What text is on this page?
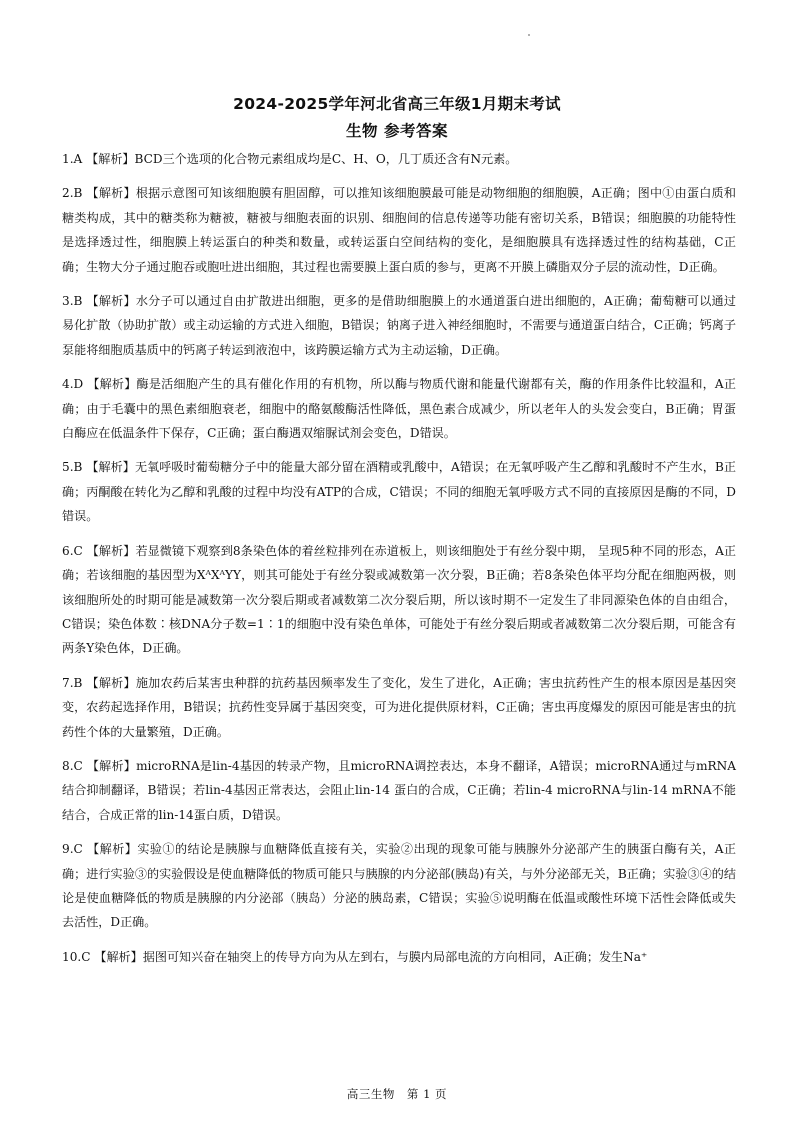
2024-2025学年河北省高三年级1月期末考试
生物 参考答案

1.A 【解析】BCD三个选项的化合物元素组成均是C、H、O，几丁质还含有N元素。

2.B 【解析】根据示意图可知该细胞膜有胆固醇，可以推知该细胞膜最可能是动物细胞的细胞膜，A正确；图中①由蛋白质和糖类构成，其中的糖类称为糖被，糖被与细胞表面的识别、细胞间的信息传递等功能有密切关系，B错误；细胞膜的功能特性是选择透过性，细胞膜上转运蛋白的种类和数量，或转运蛋白空间结构的变化，是细胞膜具有选择透过性的结构基础，C正确；生物大分子通过胞吞或胞吐进出细胞，其过程也需要膜上蛋白质的参与，更离不开膜上磷脂双分子层的流动性，D正确。

3.B 【解析】水分子可以通过自由扩散进出细胞，更多的是借助细胞膜上的水通道蛋白进出细胞的，A正确；葡萄糖可以通过易化扩散（协助扩散）或主动运输的方式进入细胞，B错误；钠离子进入神经细胞时，不需要与通道蛋白结合，C正确；钙离子泵能将细胞质基质中的钙离子转运到液泡中，该跨膜运输方式为主动运输，D正确。

4.D 【解析】酶是活细胞产生的具有催化作用的有机物，所以酶与物质代谢和能量代谢都有关，酶的作用条件比较温和，A正确；由于毛囊中的黑色素细胞衰老，细胞中的酪氨酸酶活性降低，黑色素合成减少，所以老年人的头发会变白，B正确；胃蛋白酶应在低温条件下保存，C正确；蛋白酶遇双缩脲试剂会变色，D错误。

5.B 【解析】无氧呼吸时葡萄糖分子中的能量大部分留在酒精或乳酸中，A错误；在无氧呼吸产生乙醇和乳酸时不产生水，B正确；丙酮酸在转化为乙醇和乳酸的过程中均没有ATP的合成，C错误；不同的细胞无氧呼吸方式不同的直接原因是酶的不同，D错误。

6.C 【解析】若显微镜下观察到8条染色体的着丝粒排列在赤道板上，则该细胞处于有丝分裂中期， 呈现5种不同的形态，A正确；若该细胞的基因型为XᴬXᴬYY，则其可能处于有丝分裂或减数第一次分裂，B正确；若8条染色体平均分配在细胞两极，则该细胞所处的时期可能是减数第一次分裂后期或者减数第二次分裂后期，所以该时期不一定发生了非同源染色体的自由组合，C错误；染色体数∶核DNA分子数=1∶1的细胞中没有染色单体，可能处于有丝分裂后期或者减数第二次分裂后期，可能含有两条Y染色体，D正确。

7.B 【解析】施加农药后某害虫种群的抗药基因频率发生了变化，发生了进化，A正确；害虫抗药性产生的根本原因是基因突变，农药起选择作用，B错误；抗药性变异属于基因突变，可为进化提供原材料，C正确；害虫再度爆发的原因可能是害虫的抗药性个体的大量繁殖，D正确。

8.C 【解析】microRNA是lin-4基因的转录产物，且microRNA调控表达，本身不翻译，A错误；microRNA通过与mRNA结合抑制翻译，B错误；若lin-4基因正常表达，会阻止lin-14 蛋白的合成，C正确；若lin-4 microRNA与lin-14 mRNA不能结合，合成正常的lin-14蛋白质，D错误。

9.C 【解析】实验①的结论是胰腺与血糖降低直接有关，实验②出现的现象可能与胰腺外分泌部产生的胰蛋白酶有关，A正确；进行实验③的实验假设是使血糖降低的物质可能只与胰腺的内分泌部(胰岛)有关，与外分泌部无关，B正确；实验③④的结论是使血糖降低的物质是胰腺的内分泌部（胰岛）分泌的胰岛素，C错误；实验⑤说明酶在低温或酸性环境下活性会降低或失去活性，D正确。

10.C 【解析】据图可知兴奋在轴突上的传导方向为从左到右，与膜内局部电流的方向相同，A正确；发生Na⁺

高三生物　第 1 页
